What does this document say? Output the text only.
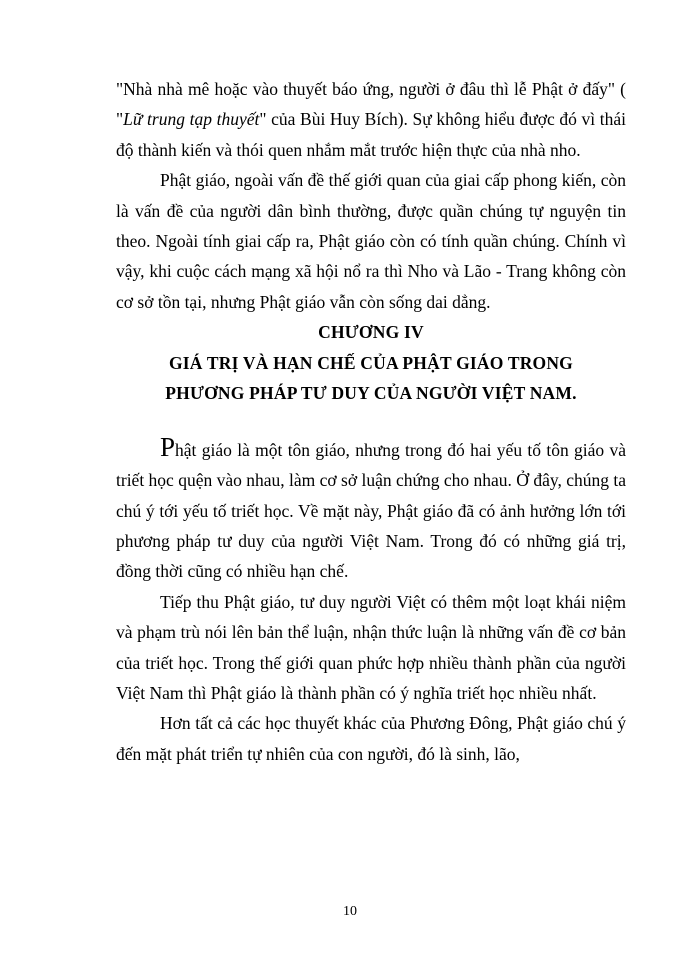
"Nhà nhà mê hoặc vào thuyết báo ứng, người ở đâu thì lễ Phật ở đấy" ( "Lữ trung tạp thuyết" của Bùi Huy Bích). Sự không hiểu được đó vì thái độ thành kiến và thói quen nhắm mắt trước hiện thực của nhà nho.

Phật giáo, ngoài vấn đề thế giới quan của giai cấp phong kiến, còn là vấn đề của người dân bình thường, được quần chúng tự nguyện tin theo. Ngoài tính giai cấp ra, Phật giáo còn có tính quần chúng. Chính vì vậy, khi cuộc cách mạng xã hội nổ ra thì Nho và Lão - Trang không còn cơ sở tồn tại, nhưng Phật giáo vẫn còn sống dai dẳng.

CHƯƠNG IV

GIÁ TRỊ VÀ HẠN CHẾ CỦA PHẬT GIÁO TRONG

PHƯƠNG PHÁP TƯ DUY CỦA NGƯỜI VIỆT NAM.

Phật giáo là một tôn giáo, nhưng trong đó hai yếu tố tôn giáo và triết học quện vào nhau, làm cơ sở luận chứng cho nhau. Ở đây, chúng ta chú ý tới yếu tố triết học. Về mặt này, Phật giáo đã có ảnh hưởng lớn tới phương pháp tư duy của người Việt Nam. Trong đó có những giá trị, đồng thời cũng có nhiều hạn chế.

Tiếp thu Phật giáo, tư duy người Việt có thêm một loạt khái niệm và phạm trù nói lên bản thể luận, nhận thức luận là những vấn đề cơ bản của triết học. Trong thế giới quan phức hợp nhiều thành phần của người Việt Nam thì Phật giáo là thành phần có ý nghĩa triết học nhiều nhất.

Hơn tất cả các học thuyết khác của Phương Đông, Phật giáo chú ý đến mặt phát triển tự nhiên của con người, đó là sinh, lão,

10
